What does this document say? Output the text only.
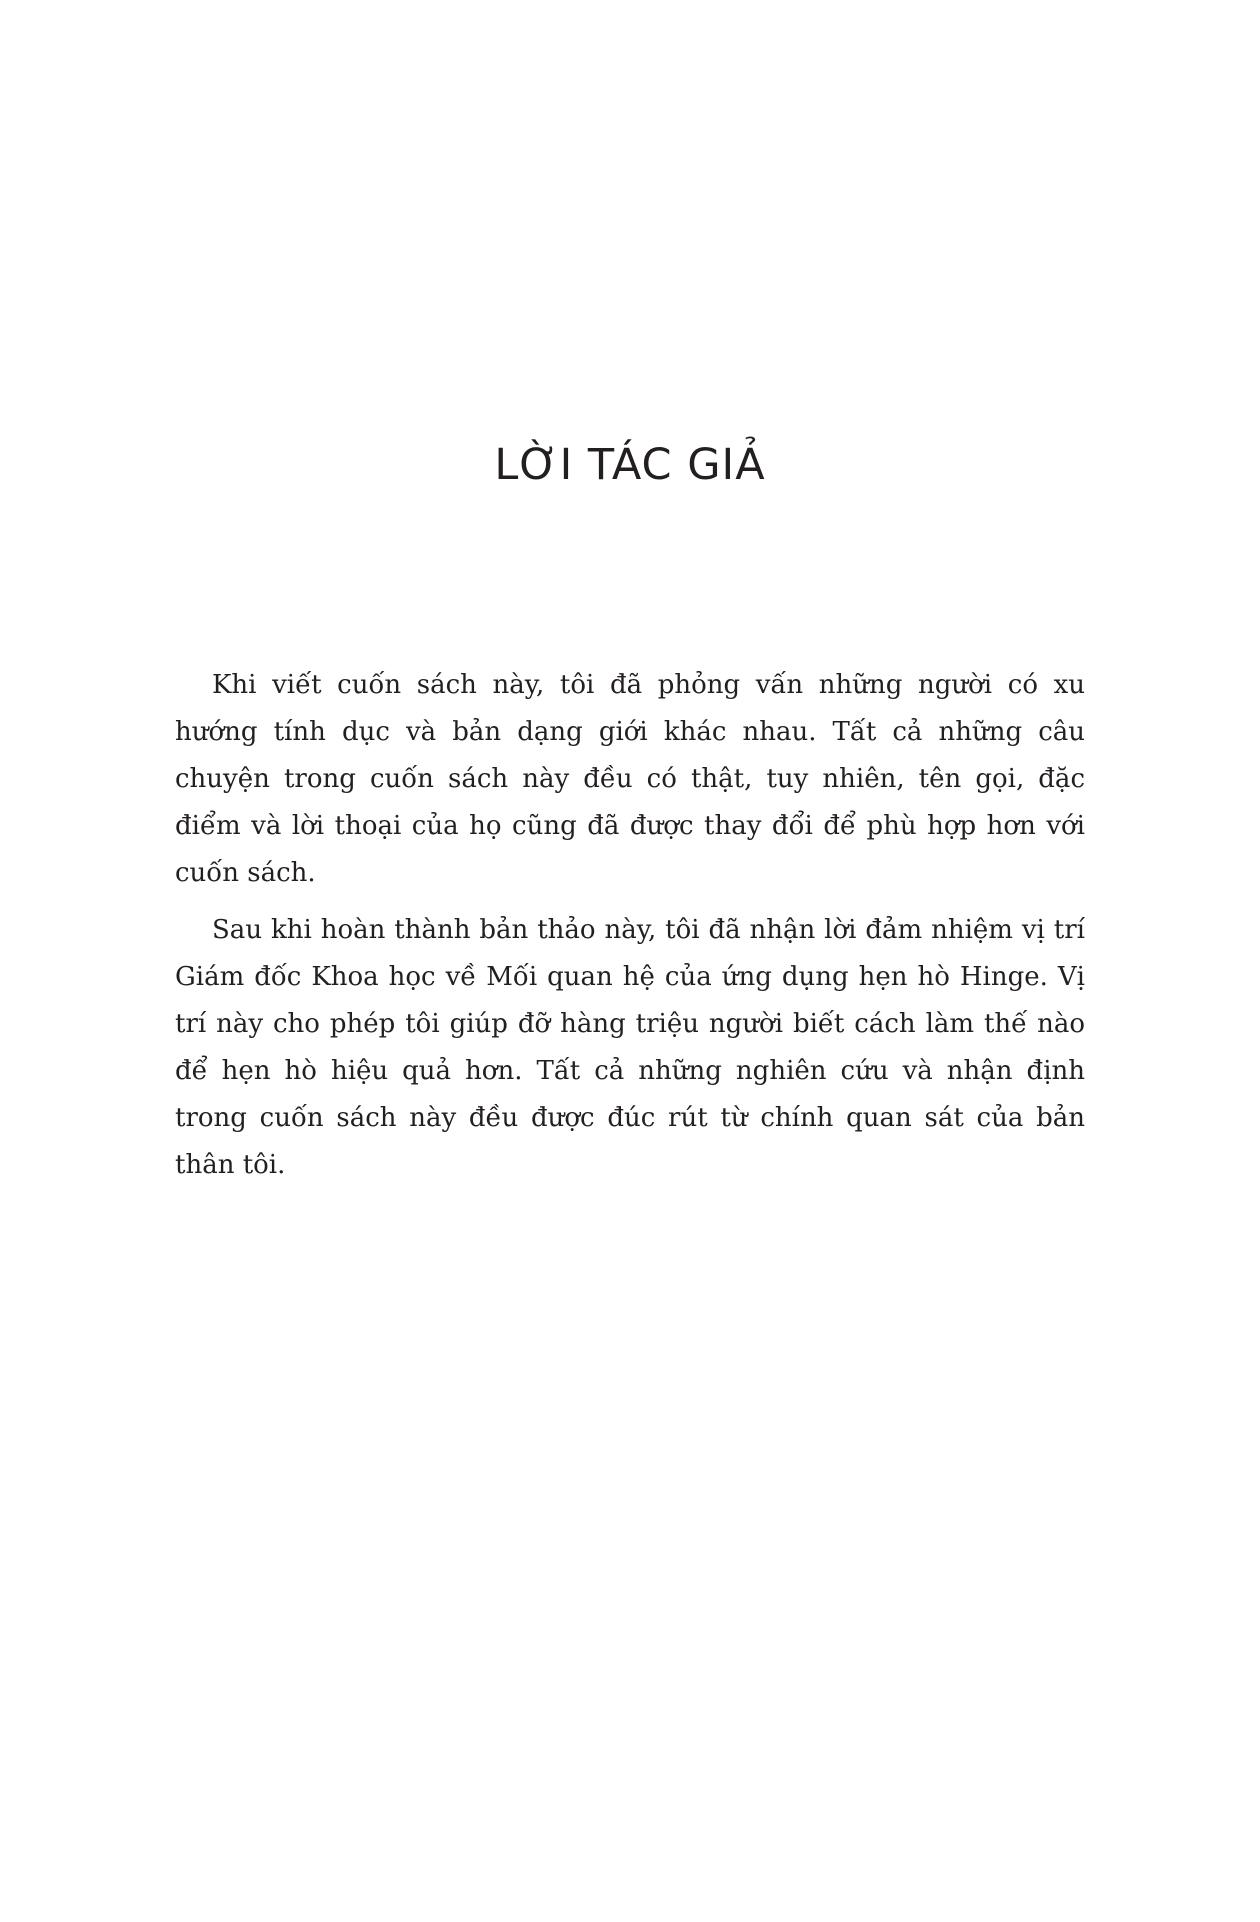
LỜI TÁC GIẢ

Khi viết cuốn sách này, tôi đã phỏng vấn những người có xu hướng tính dục và bản dạng giới khác nhau. Tất cả những câu chuyện trong cuốn sách này đều có thật, tuy nhiên, tên gọi, đặc điểm và lời thoại của họ cũng đã được thay đổi để phù hợp hơn với cuốn sách.

Sau khi hoàn thành bản thảo này, tôi đã nhận lời đảm nhiệm vị trí Giám đốc Khoa học về Mối quan hệ của ứng dụng hẹn hò Hinge. Vị trí này cho phép tôi giúp đỡ hàng triệu người biết cách làm thế nào để hẹn hò hiệu quả hơn. Tất cả những nghiên cứu và nhận định trong cuốn sách này đều được đúc rút từ chính quan sát của bản thân tôi.
